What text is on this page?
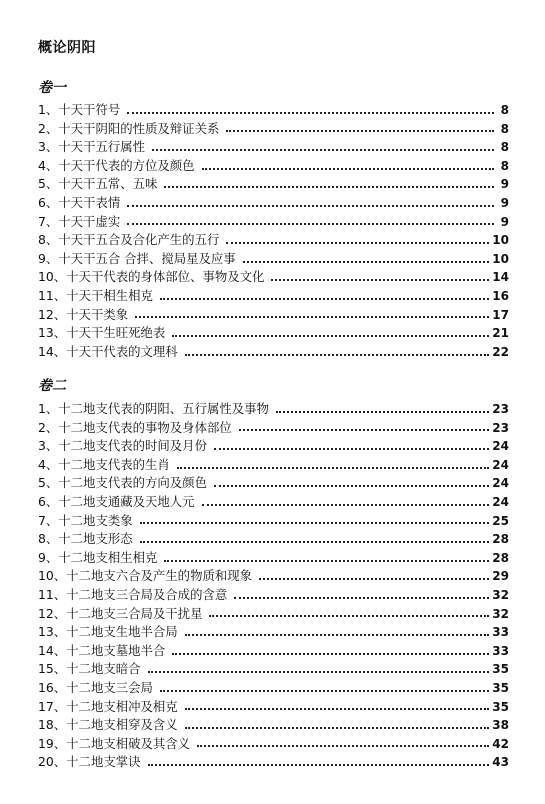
概论阴阳
卷一
1、十天干符号	8
2、十天干阴阳的性质及辩证关系	8
3、十天干五行属性	8
4、十天干代表的方位及颜色	8
5、十天干五常、五味	9
6、十天干表情	9
7、十天干虚实	9
8、十天干五合及合化产生的五行	10
9、十天干五合 合拌、搅局星及应事	10
10、十天干代表的身体部位、事物及文化	14
11、十天干相生相克	16
12、十天干类象	17
13、十天干生旺死绝表	21
14、十天干代表的文理科	22
卷二
1、十二地支代表的阴阳、五行属性及事物	23
2、十二地支代表的事物及身体部位	23
3、十二地支代表的时间及月份	24
4、十二地支代表的生肖	24
5、十二地支代表的方向及颜色	24
6、十二地支通藏及天地人元	24
7、十二地支类象	25
8、十二地支形态	28
9、十二地支相生相克	28
10、十二地支六合及产生的物质和现象	29
11、十二地支三合局及合成的含意	32
12、十二地支三合局及干扰星	32
13、十二地支生地半合局	33
14、十二地支墓地半合	33
15、十二地支暗合	35
16、十二地支三会局	35
17、十二地支相冲及相克	35
18、十二地支相穿及含义	38
19、十二地支相破及其含义	42
20、十二地支掌诀	43
